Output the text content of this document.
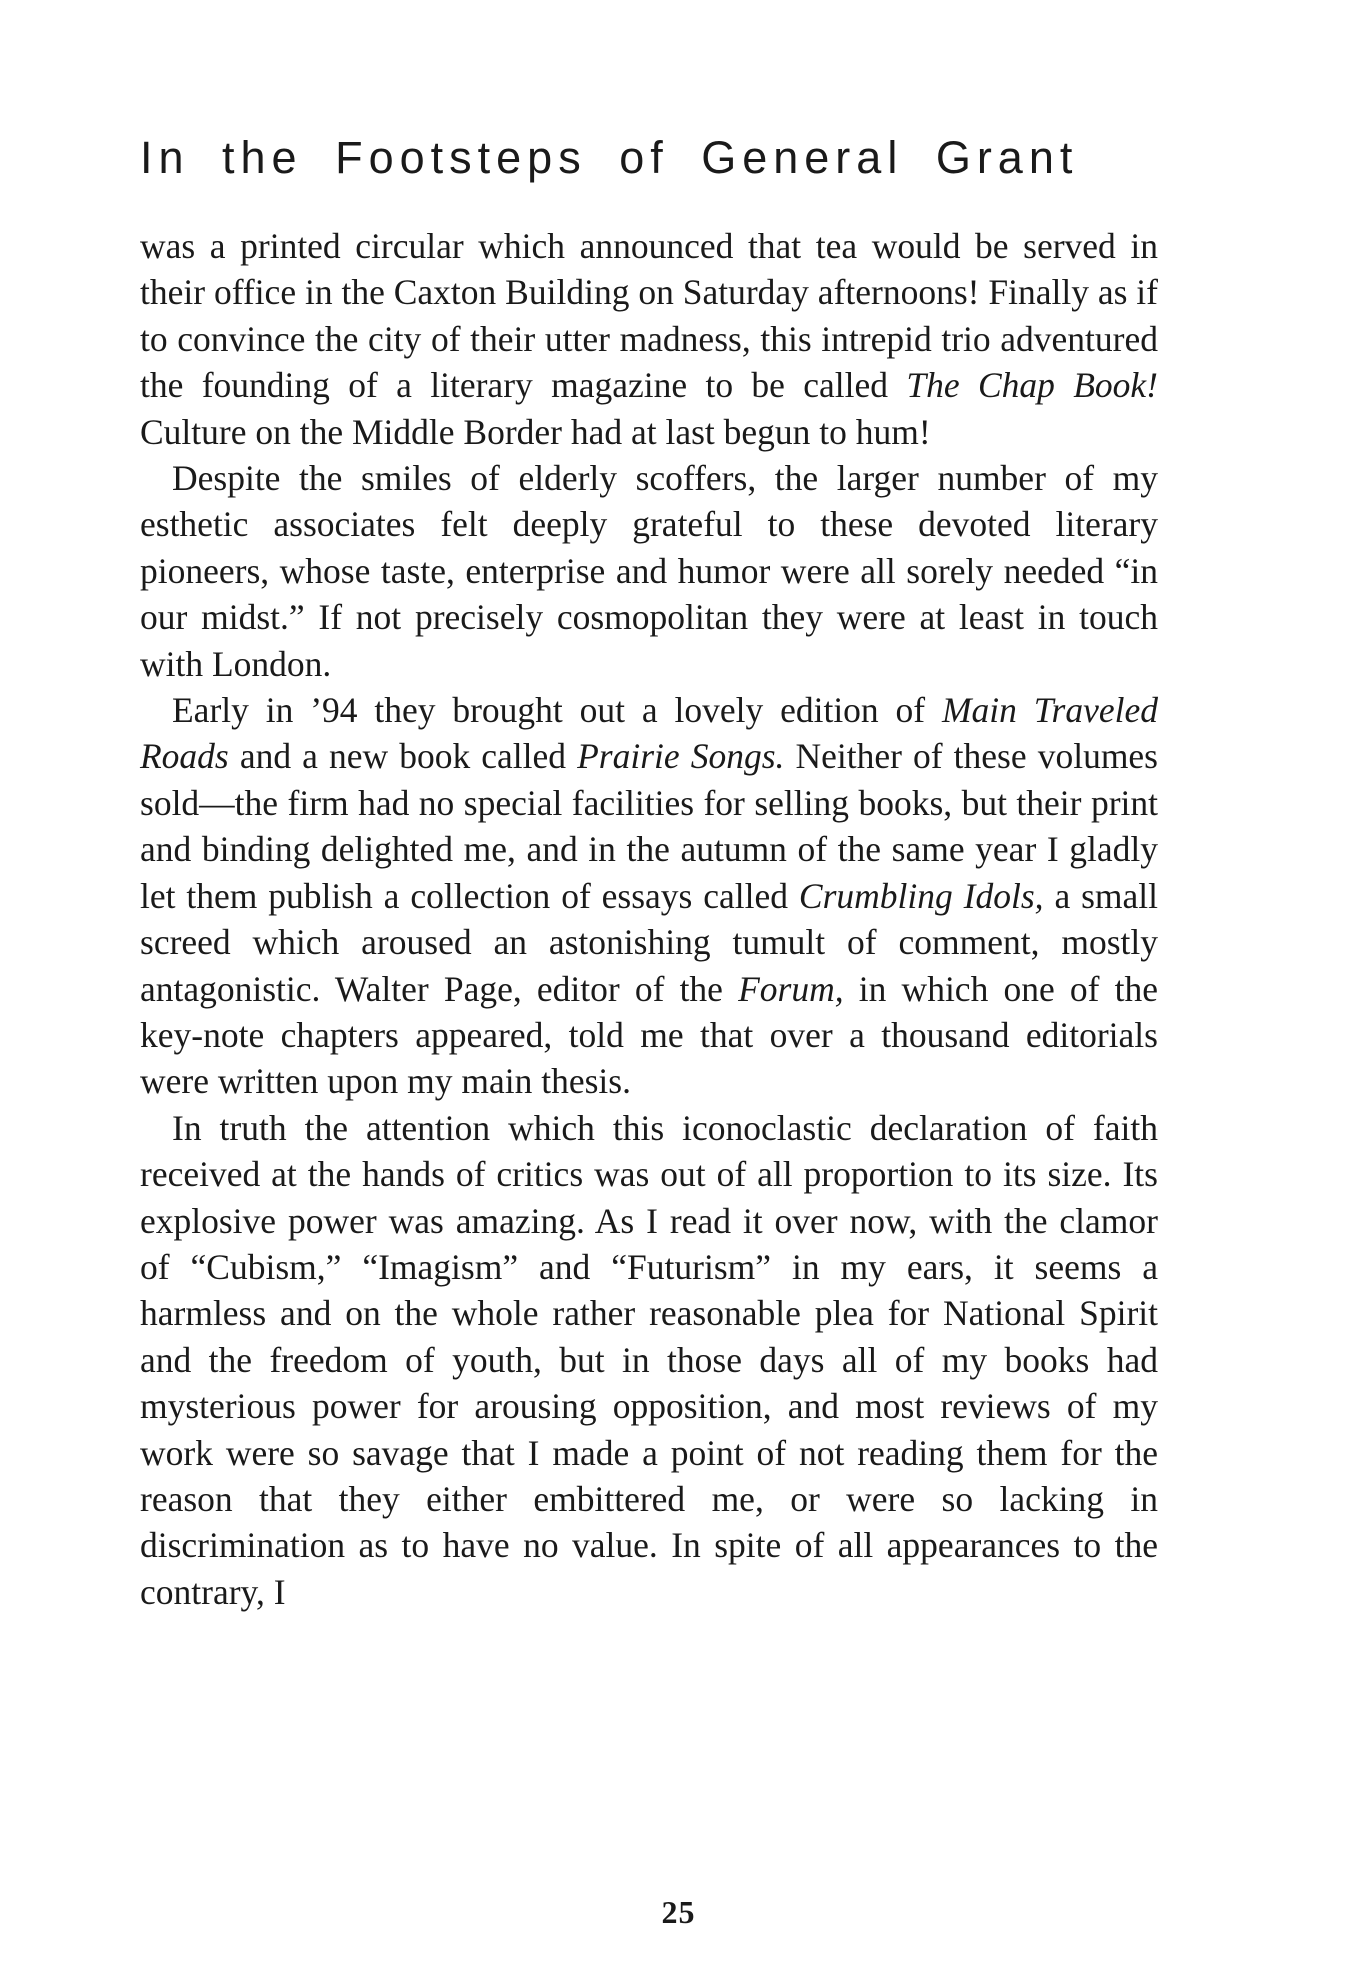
In the Footsteps of General Grant

was a printed circular which announced that tea would be served in their office in the Caxton Building on Saturday afternoons! Finally as if to convince the city of their utter madness, this intrepid trio adventured the founding of a literary magazine to be called The Chap Book! Culture on the Middle Border had at last begun to hum!

Despite the smiles of elderly scoffers, the larger number of my esthetic associates felt deeply grateful to these devoted literary pioneers, whose taste, enterprise and humor were all sorely needed “in our midst.” If not precisely cosmopolitan they were at least in touch with London.

Early in ’94 they brought out a lovely edition of Main Traveled Roads and a new book called Prairie Songs. Neither of these volumes sold—the firm had no special facilities for selling books, but their print and binding delighted me, and in the autumn of the same year I gladly let them publish a collection of essays called Crumbling Idols, a small screed which aroused an astonishing tumult of comment, mostly antagonistic. Walter Page, editor of the Forum, in which one of the key-note chapters appeared, told me that over a thousand editorials were written upon my main thesis.

In truth the attention which this iconoclastic declaration of faith received at the hands of critics was out of all proportion to its size. Its explosive power was amazing. As I read it over now, with the clamor of “Cubism,” “Imagism” and “Futurism” in my ears, it seems a harmless and on the whole rather reasonable plea for National Spirit and the freedom of youth, but in those days all of my books had mysterious power for arousing opposition, and most reviews of my work were so savage that I made a point of not reading them for the reason that they either embittered me, or were so lacking in discrimination as to have no value. In spite of all appearances to the contrary, I

25
